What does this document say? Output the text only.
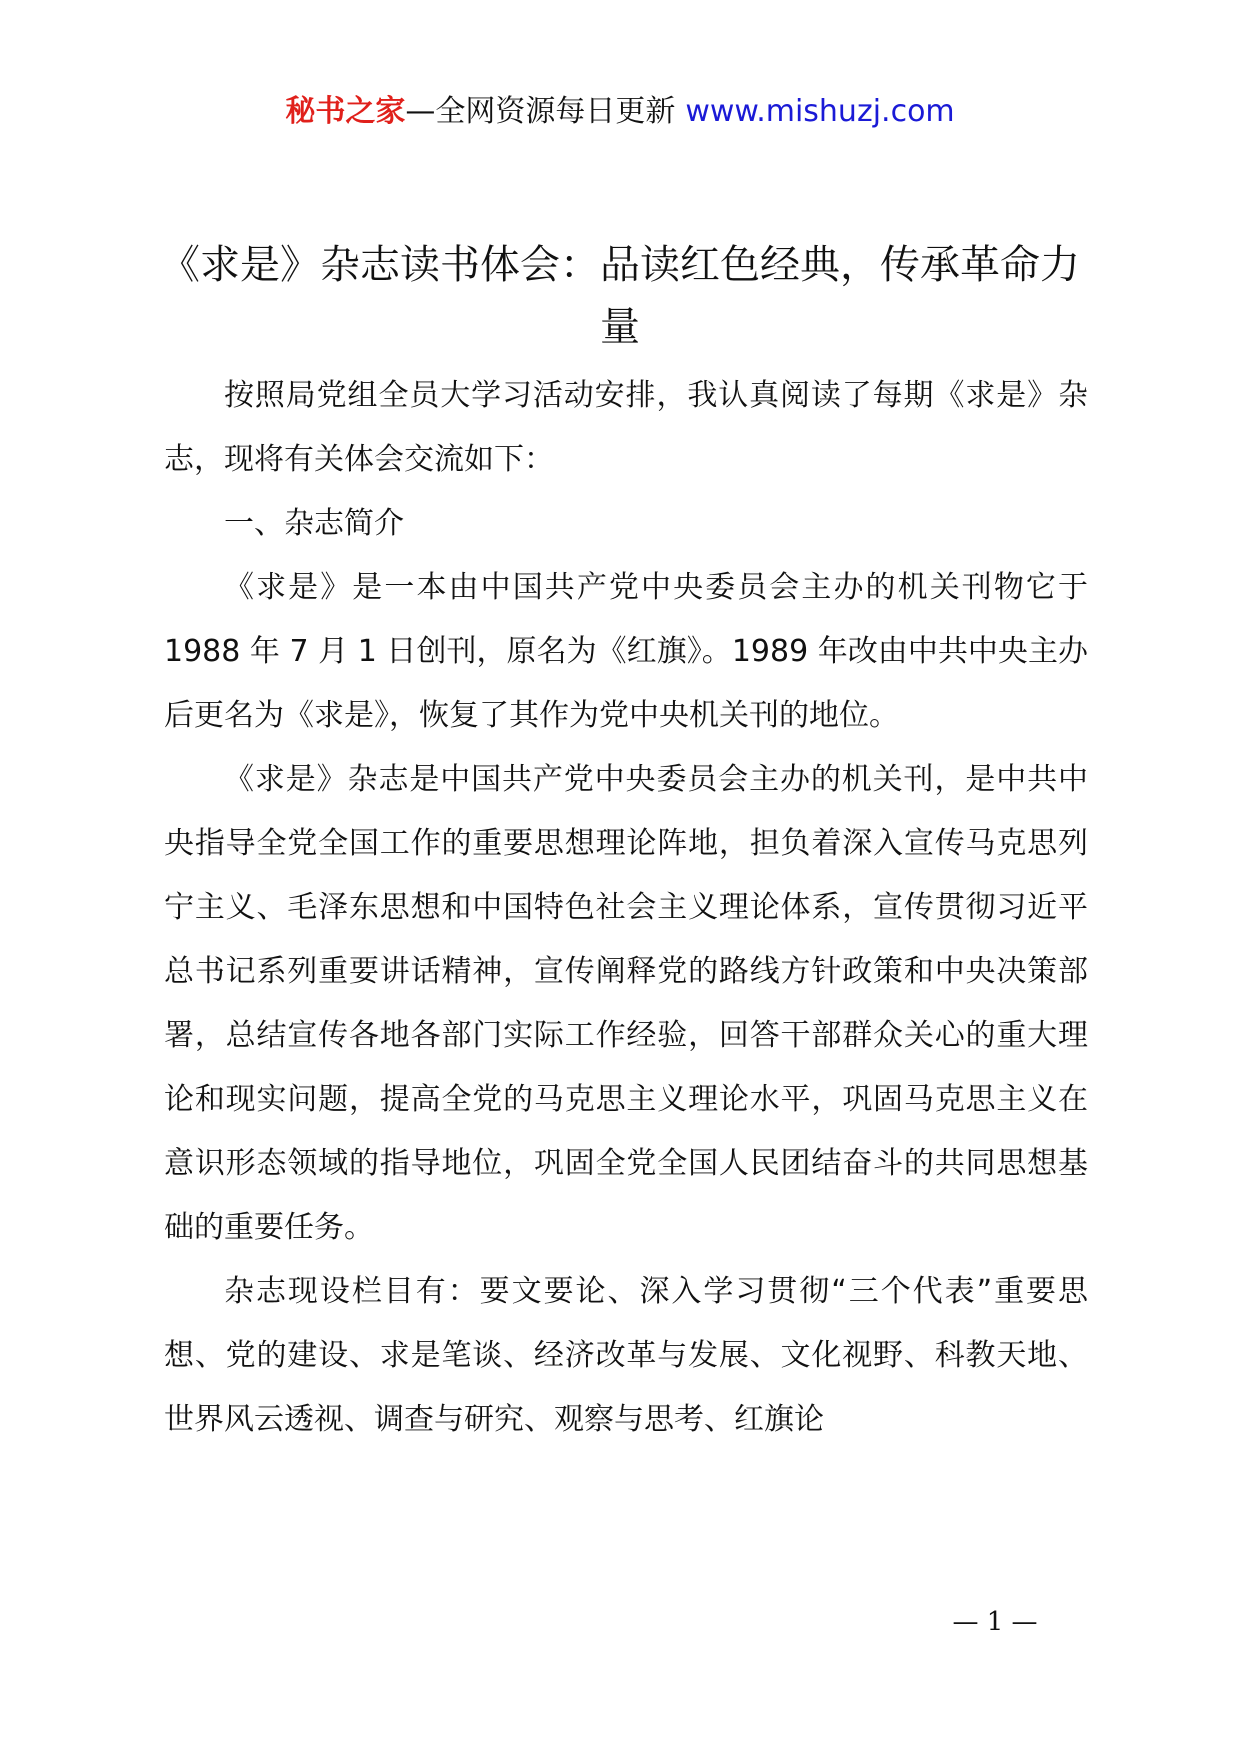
秘书之家—全网资源每日更新 www.mishuzj.com
《求是》杂志读书体会：品读红色经典，传承革命力量

按照局党组全员大学习活动安排，我认真阅读了每期《求是》杂志，现将有关体会交流如下：

一、杂志简介

《求是》是一本由中国共产党中央委员会主办的机关刊物它于 1988 年 7 月 1 日创刊，原名为《红旗》。1989 年改由中共中央主办后更名为《求是》，恢复了其作为党中央机关刊的地位。

《求是》杂志是中国共产党中央委员会主办的机关刊，是中共中央指导全党全国工作的重要思想理论阵地，担负着深入宣传马克思列宁主义、毛泽东思想和中国特色社会主义理论体系，宣传贯彻习近平总书记系列重要讲话精神，宣传阐释党的路线方针政策和中央决策部署，总结宣传各地各部门实际工作经验，回答干部群众关心的重大理论和现实问题，提高全党的马克思主义理论水平，巩固马克思主义在意识形态领域的指导地位，巩固全党全国人民团结奋斗的共同思想基础的重要任务。

杂志现设栏目有：要文要论、深入学习贯彻“三个代表”重要思想、党的建设、求是笔谈、经济改革与发展、文化视野、科教天地、世界风云透视、调查与研究、观察与思考、红旗论

— 1 —
